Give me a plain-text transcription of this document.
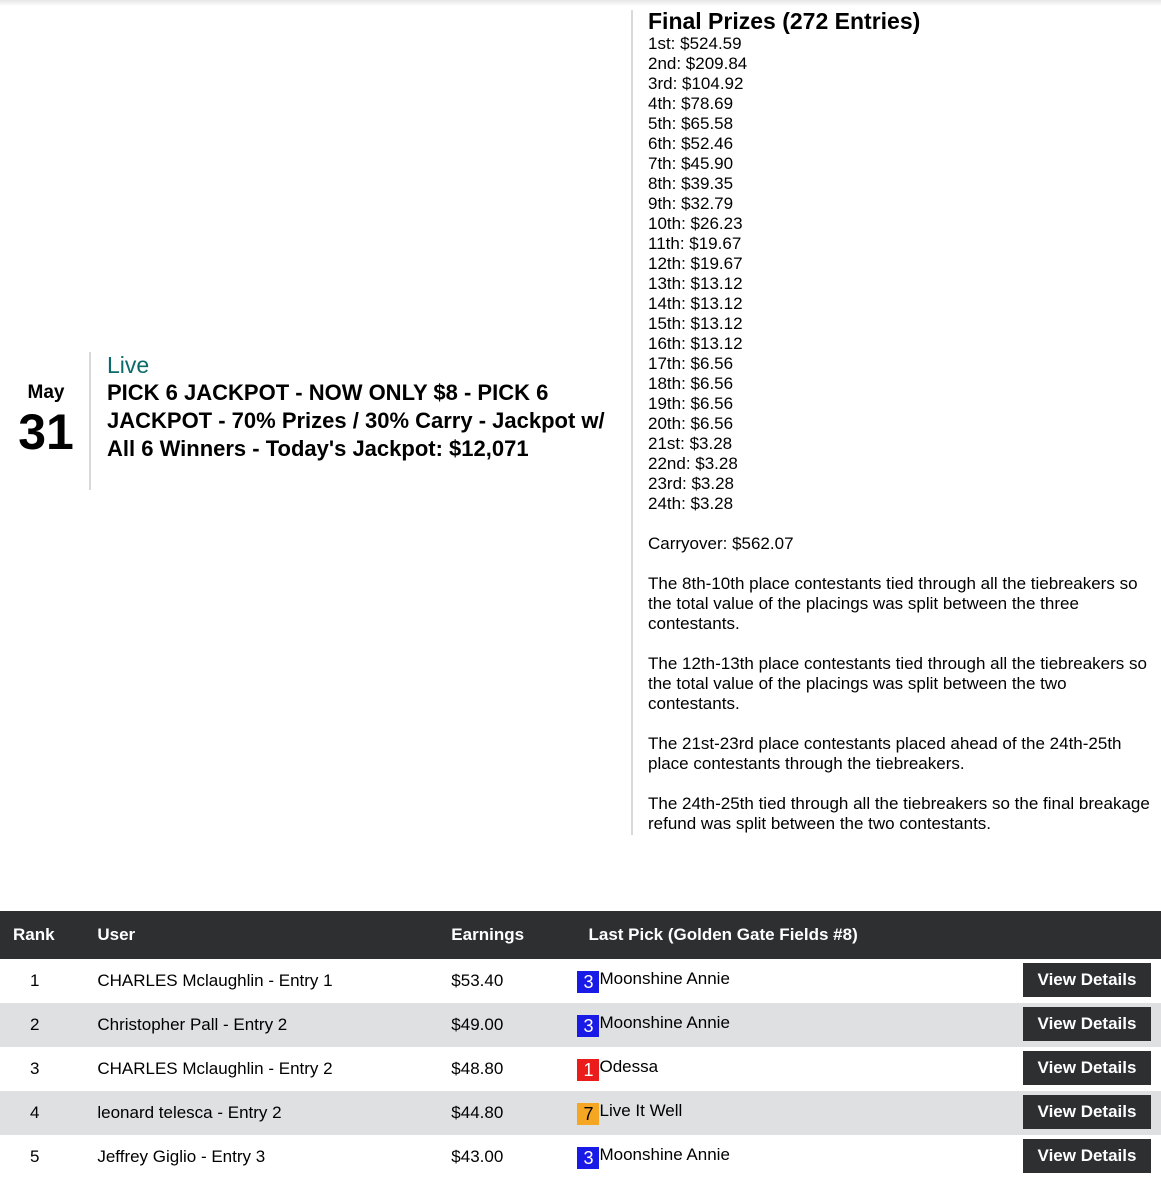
May
31
Live
PICK 6 JACKPOT - NOW ONLY $8 - PICK 6 JACKPOT - 70% Prizes / 30% Carry - Jackpot w/ All 6 Winners - Today's Jackpot: $12,071
Final Prizes (272 Entries)
1st: $524.59
2nd: $209.84
3rd: $104.92
4th: $78.69
5th: $65.58
6th: $52.46
7th: $45.90
8th: $39.35
9th: $32.79
10th: $26.23
11th: $19.67
12th: $19.67
13th: $13.12
14th: $13.12
15th: $13.12
16th: $13.12
17th: $6.56
18th: $6.56
19th: $6.56
20th: $6.56
21st: $3.28
22nd: $3.28
23rd: $3.28
24th: $3.28

Carryover: $562.07

The 8th-10th place contestants tied through all the tiebreakers so the total value of the placings was split between the three contestants.

The 12th-13th place contestants tied through all the tiebreakers so the total value of the placings was split between the two contestants.

The 21st-23rd place contestants placed ahead of the 24th-25th place contestants through the tiebreakers.

The 24th-25th tied through all the tiebreakers so the final breakage refund was split between the two contestants.

Rank	User	Earnings	Last Pick (Golden Gate Fields #8)	
1	CHARLES Mclaughlin - Entry 1	$53.40	3 Moonshine Annie	View Details
2	Christopher Pall - Entry 2	$49.00	3 Moonshine Annie	View Details
3	CHARLES Mclaughlin - Entry 2	$48.80	1 Odessa	View Details
4	leonard telesca - Entry 2	$44.80	7 Live It Well	View Details
5	Jeffrey Giglio - Entry 3	$43.00	3 Moonshine Annie	View Details
